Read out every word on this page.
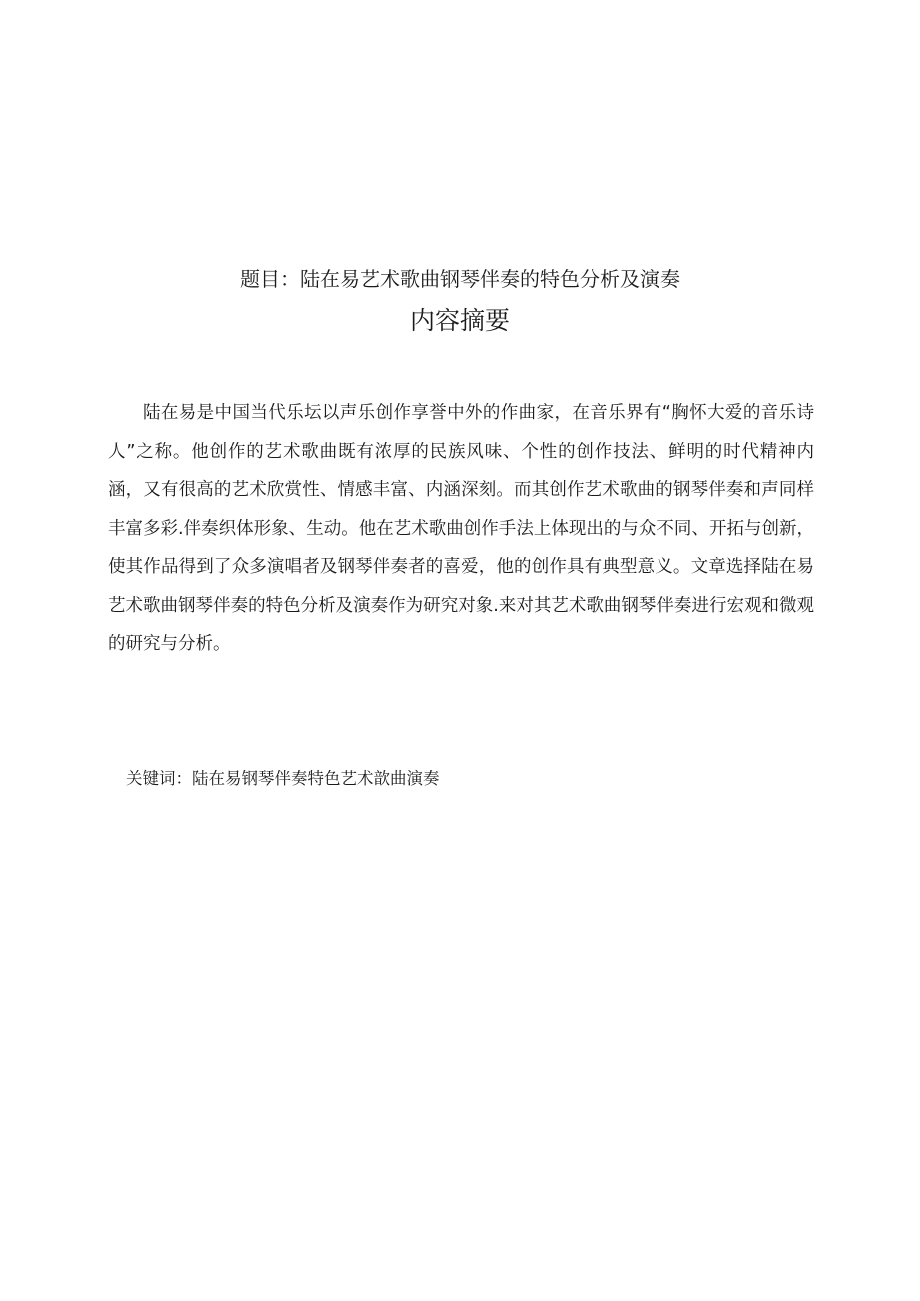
题目：陆在易艺术歌曲钢琴伴奏的特色分析及演奏
内容摘要

陆在易是中国当代乐坛以声乐创作享誉中外的作曲家，在音乐界有“胸怀大爱的音乐诗人”之称。他创作的艺术歌曲既有浓厚的民族风味、个性的创作技法、鲜明的时代精神内涵，又有很高的艺术欣赏性、情感丰富、内涵深刻。而其创作艺术歌曲的钢琴伴奏和声同样丰富多彩.伴奏织体形象、生动。他在艺术歌曲创作手法上体现出的与众不同、开拓与创新，使其作品得到了众多演唱者及钢琴伴奏者的喜爱，他的创作具有典型意义。文章选择陆在易艺术歌曲钢琴伴奏的特色分析及演奏作为研究对象.来对其艺术歌曲钢琴伴奏进行宏观和微观的研究与分析。

关键词：陆在易钢琴伴奏特色艺术歆曲演奏
